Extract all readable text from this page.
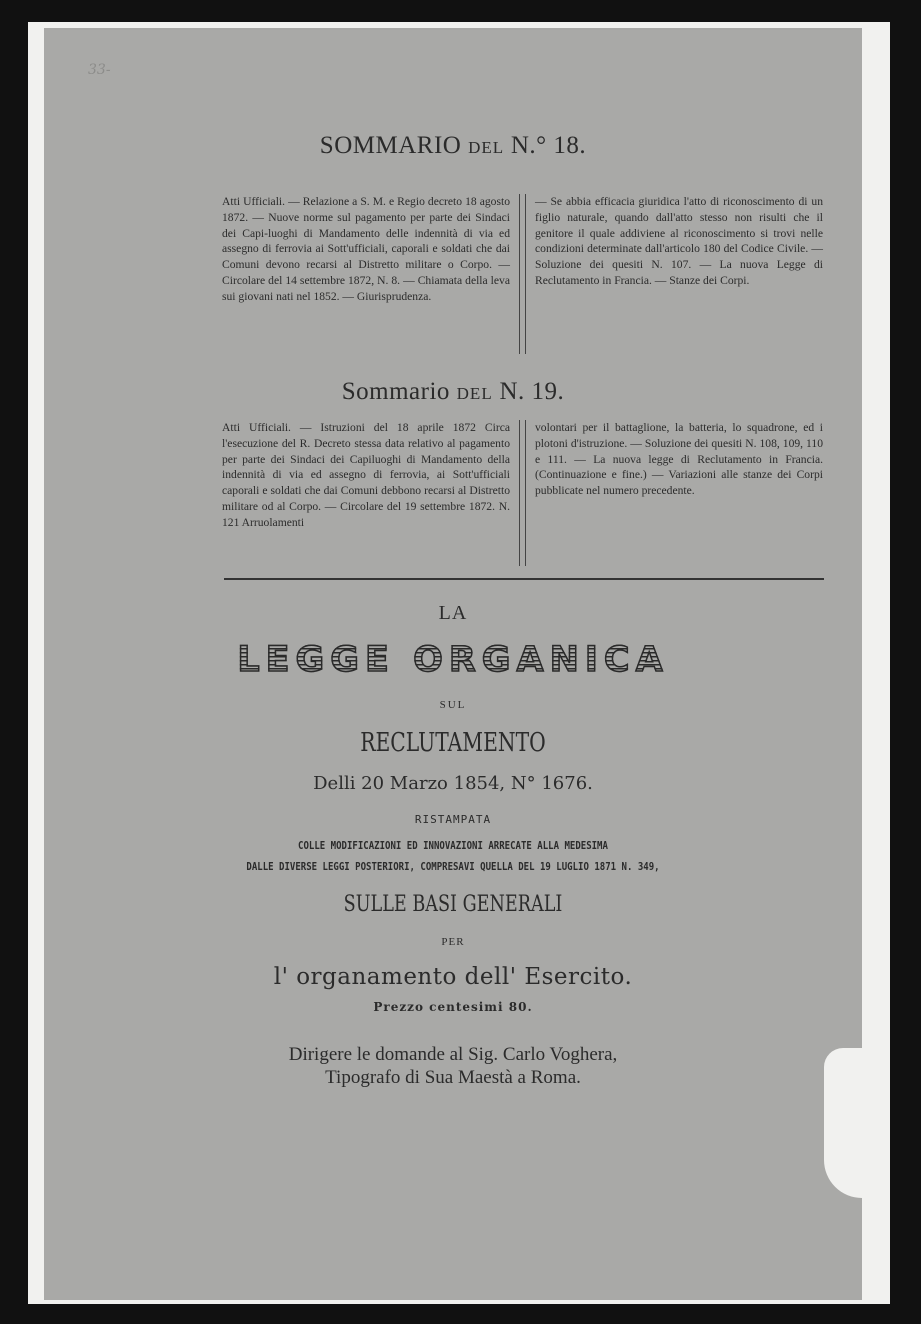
33-
SOMMARIO DEL N.° 18.
Atti Ufficiali. — Relazione a S. M. e Regio decreto 18 agosto 1872. — Nuove norme sul pagamento per parte dei Sindaci dei Capi-luoghi di Mandamento delle indennità di via ed assegno di ferrovia ai Sott'ufficiali, caporali e soldati che dai Comuni devono recarsi al Distretto militare o Corpo. — Circolare del 14 settembre 1872, N. 8. — Chiamata della leva sui giovani nati nel 1852. — Giurisprudenza.
— Se abbia efficacia giuridica l'atto di riconoscimento di un figlio naturale, quando dall'atto stesso non risulti che il genitore il quale addiviene al riconoscimento si trovi nelle condizioni determinate dall'articolo 180 del Codice Civile. — Soluzione dei quesiti N. 107. — La nuova Legge di Reclutamento in Francia. — Stanze dei Corpi.
Sommario DEL N. 19.
Atti Ufficiali. — Istruzioni del 18 aprile 1872 Circa l'esecuzione del R. Decreto stessa data relativo al pagamento per parte dei Sindaci dei Capiluoghi di Mandamento della indennità di via ed assegno di ferrovia, ai Sott'ufficiali caporali e soldati che dai Comuni debbono recarsi al Distretto militare od al Corpo. — Circolare del 19 settembre 1872. N. 121 Arruolamenti
volontari per il battaglione, la batteria, lo squadrone, ed i plotoni d'istruzione. — Soluzione dei quesiti N. 108, 109, 110 e 111. — La nuova legge di Reclutamento in Francia. (Continuazione e fine.) — Variazioni alle stanze dei Corpi pubblicate nel numero precedente.
LA
LEGGE ORGANICA
SUL
RECLUTAMENTO
Delli 20 Marzo 1854, N° 1676.
RISTAMPATA
COLLE MODIFICAZIONI ED INNOVAZIONI ARRECATE ALLA MEDESIMA
DALLE DIVERSE LEGGI POSTERIORI, COMPRESAVI QUELLA DEL 19 LUGLIO 1871 N. 349,
SULLE BASI GENERALI
PER
l' organamento dell' Esercito.
Prezzo centesimi 80.
Dirigere le domande al Sig. Carlo Voghera,
Tipografo di Sua Maestà a Roma.
